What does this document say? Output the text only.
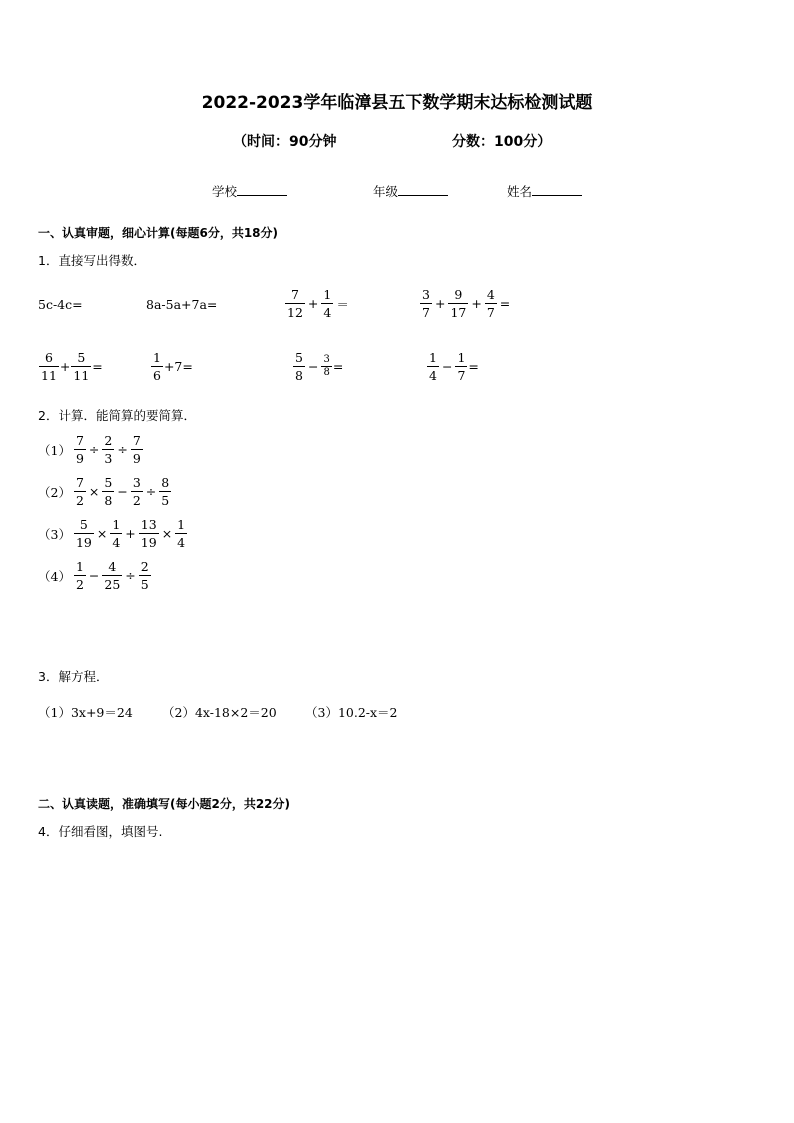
2022-2023学年临漳县五下数学期末达标检测试题
（时间：90分钟	分数：100分）
学校	年级	姓名
一、认真审题，细心计算(每题6分，共18分)
1．直接写出得数．
5c-4c=	8a-5a+7a=	$\frac{7}{12} + \frac{1}{4}$ ＝	$\frac{3}{7} + \frac{9}{17} + \frac{4}{7}$ =
$\frac{6}{11} + \frac{5}{11}$ =	$\frac{1}{6} +7=$	$\frac{5}{8} - \frac{3}{8}$ =	$\frac{1}{4} - \frac{1}{7}$ =
2．计算．能简算的要简算．
$(1) \frac{7}{9} \div \frac{2}{3} \div \frac{7}{9}$
$(2) \frac{7}{2} \times \frac{5}{8} - \frac{3}{2} \div \frac{8}{5}$
$(3) \frac{5}{19} \times \frac{1}{4} + \frac{13}{19} \times \frac{1}{4}$
$(4) \frac{1}{2} - \frac{4}{25} \div \frac{2}{5}$
3．解方程．
（1）3x+9＝24 （2）4x-18×2＝20 （3）10.2-x＝2
二、认真读题，准确填写(每小题2分，共22分)
4．仔细看图，填图号.
